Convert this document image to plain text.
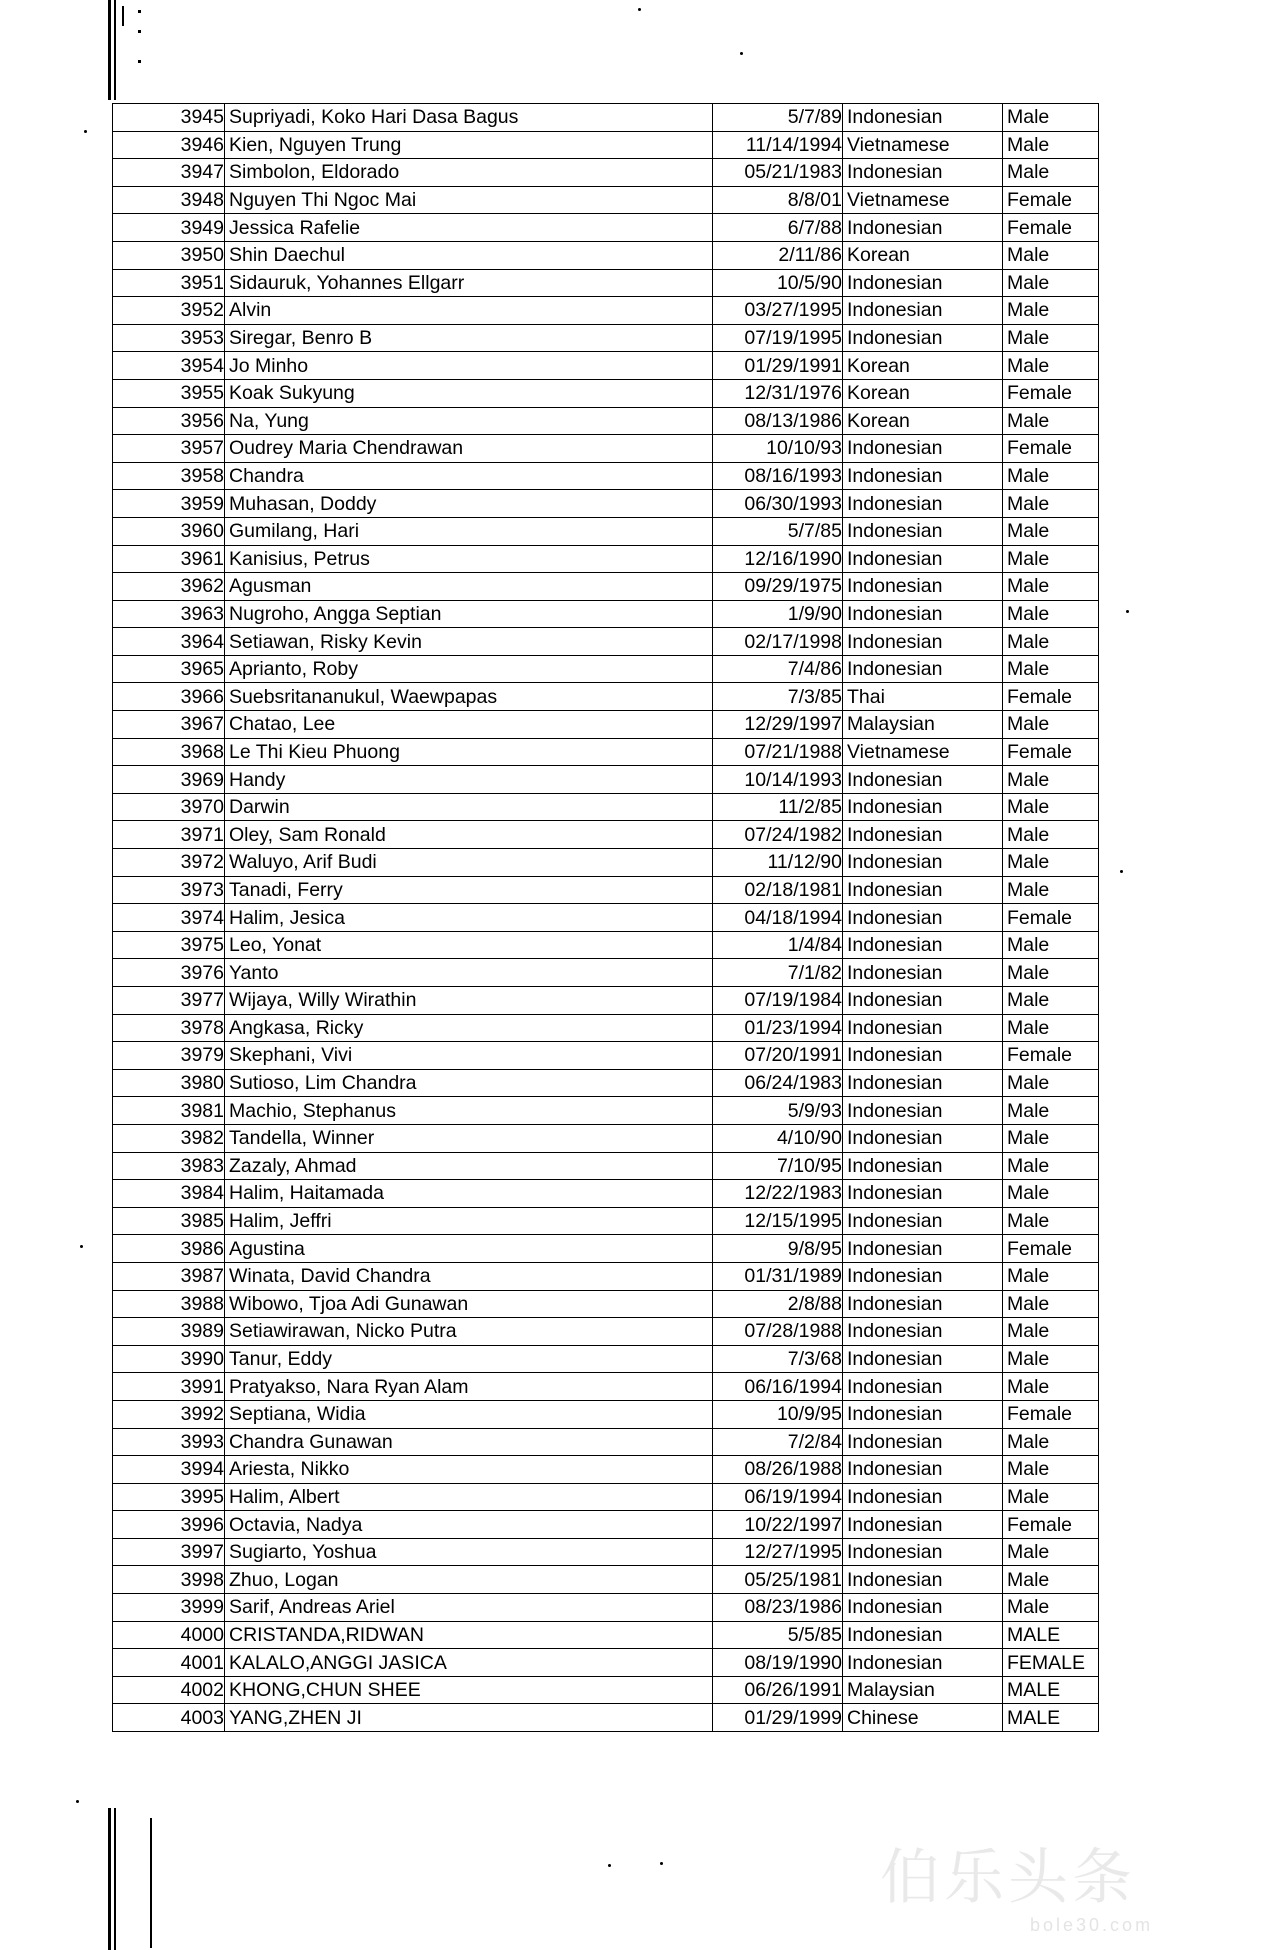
3945	Supriyadi, Koko Hari Dasa Bagus	5/7/89	Indonesian	Male
3946	Kien, Nguyen Trung	11/14/1994	Vietnamese	Male
3947	Simbolon, Eldorado	05/21/1983	Indonesian	Male
3948	Nguyen Thi Ngoc Mai	8/8/01	Vietnamese	Female
3949	Jessica Rafelie	6/7/88	Indonesian	Female
3950	Shin Daechul	2/11/86	Korean	Male
3951	Sidauruk, Yohannes Ellgarr	10/5/90	Indonesian	Male
3952	Alvin	03/27/1995	Indonesian	Male
3953	Siregar, Benro B	07/19/1995	Indonesian	Male
3954	Jo Minho	01/29/1991	Korean	Male
3955	Koak Sukyung	12/31/1976	Korean	Female
3956	Na, Yung	08/13/1986	Korean	Male
3957	Oudrey Maria Chendrawan	10/10/93	Indonesian	Female
3958	Chandra	08/16/1993	Indonesian	Male
3959	Muhasan, Doddy	06/30/1993	Indonesian	Male
3960	Gumilang, Hari	5/7/85	Indonesian	Male
3961	Kanisius, Petrus	12/16/1990	Indonesian	Male
3962	Agusman	09/29/1975	Indonesian	Male
3963	Nugroho, Angga Septian	1/9/90	Indonesian	Male
3964	Setiawan, Risky Kevin	02/17/1998	Indonesian	Male
3965	Aprianto, Roby	7/4/86	Indonesian	Male
3966	Suebsritananukul, Waewpapas	7/3/85	Thai	Female
3967	Chatao, Lee	12/29/1997	Malaysian	Male
3968	Le Thi Kieu Phuong	07/21/1988	Vietnamese	Female
3969	Handy	10/14/1993	Indonesian	Male
3970	Darwin	11/2/85	Indonesian	Male
3971	Oley, Sam Ronald	07/24/1982	Indonesian	Male
3972	Waluyo, Arif Budi	11/12/90	Indonesian	Male
3973	Tanadi, Ferry	02/18/1981	Indonesian	Male
3974	Halim, Jesica	04/18/1994	Indonesian	Female
3975	Leo, Yonat	1/4/84	Indonesian	Male
3976	Yanto	7/1/82	Indonesian	Male
3977	Wijaya, Willy Wirathin	07/19/1984	Indonesian	Male
3978	Angkasa, Ricky	01/23/1994	Indonesian	Male
3979	Skephani, Vivi	07/20/1991	Indonesian	Female
3980	Sutioso, Lim Chandra	06/24/1983	Indonesian	Male
3981	Machio, Stephanus	5/9/93	Indonesian	Male
3982	Tandella, Winner	4/10/90	Indonesian	Male
3983	Zazaly, Ahmad	7/10/95	Indonesian	Male
3984	Halim, Haitamada	12/22/1983	Indonesian	Male
3985	Halim, Jeffri	12/15/1995	Indonesian	Male
3986	Agustina	9/8/95	Indonesian	Female
3987	Winata, David Chandra	01/31/1989	Indonesian	Male
3988	Wibowo, Tjoa Adi Gunawan	2/8/88	Indonesian	Male
3989	Setiawirawan, Nicko Putra	07/28/1988	Indonesian	Male
3990	Tanur, Eddy	7/3/68	Indonesian	Male
3991	Pratyakso, Nara Ryan Alam	06/16/1994	Indonesian	Male
3992	Septiana, Widia	10/9/95	Indonesian	Female
3993	Chandra Gunawan	7/2/84	Indonesian	Male
3994	Ariesta, Nikko	08/26/1988	Indonesian	Male
3995	Halim, Albert	06/19/1994	Indonesian	Male
3996	Octavia, Nadya	10/22/1997	Indonesian	Female
3997	Sugiarto, Yoshua	12/27/1995	Indonesian	Male
3998	Zhuo, Logan	05/25/1981	Indonesian	Male
3999	Sarif, Andreas Ariel	08/23/1986	Indonesian	Male
4000	CRISTANDA,RIDWAN	5/5/85	Indonesian	MALE
4001	KALALO,ANGGI JASICA	08/19/1990	Indonesian	FEMALE
4002	KHONG,CHUN SHEE	06/26/1991	Malaysian	MALE
4003	YANG,ZHEN JI	01/29/1999	Chinese	MALE
伯乐头条
bole30.com
